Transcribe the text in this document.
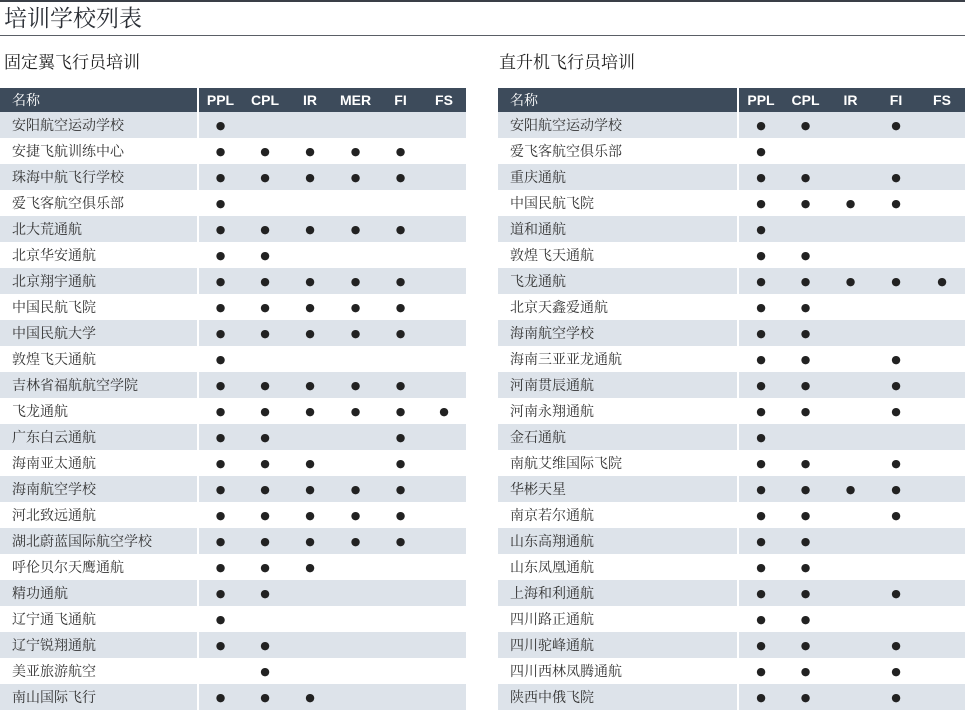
培训学校列表
固定翼飞行员培训	直升机飞行员培训
名称	PPL	CPL	IR	MER	FI	FS
安阳航空运动学校	●					
安捷飞航训练中心	●	●	●	●	●	
珠海中航飞行学校	●	●	●	●	●	
爱飞客航空俱乐部	●					
北大荒通航	●	●	●	●	●	
北京华安通航	●	●				
北京翔宇通航	●	●	●	●	●	
中国民航飞院	●	●	●	●	●	
中国民航大学	●	●	●	●	●	
敦煌飞天通航	●					
吉林省福航航空学院	●	●	●	●	●	
飞龙通航	●	●	●	●	●	●
广东白云通航	●	●			●	
海南亚太通航	●	●	●		●	
海南航空学校	●	●	●	●	●	
河北致远通航	●	●	●	●	●	
湖北蔚蓝国际航空学校	●	●	●	●	●	
呼伦贝尔天鹰通航	●	●	●			
精功通航	●	●				
辽宁通飞通航	●					
辽宁锐翔通航	●	●				
美亚旅游航空		●				
南山国际飞行	●	●	●			
名称	PPL	CPL	IR	FI	FS
安阳航空运动学校	●	●		●	
爱飞客航空俱乐部	●				
重庆通航	●	●		●	
中国民航飞院	●	●	●	●	
道和通航	●				
敦煌飞天通航	●	●			
飞龙通航	●	●	●	●	●
北京天鑫爱通航	●	●			
海南航空学校	●	●			
海南三亚亚龙通航	●	●		●	
河南贯辰通航	●	●		●	
河南永翔通航	●	●		●	
金石通航	●				
南航艾维国际飞院	●	●		●	
华彬天星	●	●	●	●	
南京若尔通航	●	●		●	
山东高翔通航	●	●			
山东凤凰通航	●	●			
上海和利通航	●	●		●	
四川路正通航	●	●			
四川驼峰通航	●	●		●	
四川西林凤腾通航	●	●		●	
陕西中俄飞院	●	●		●	
